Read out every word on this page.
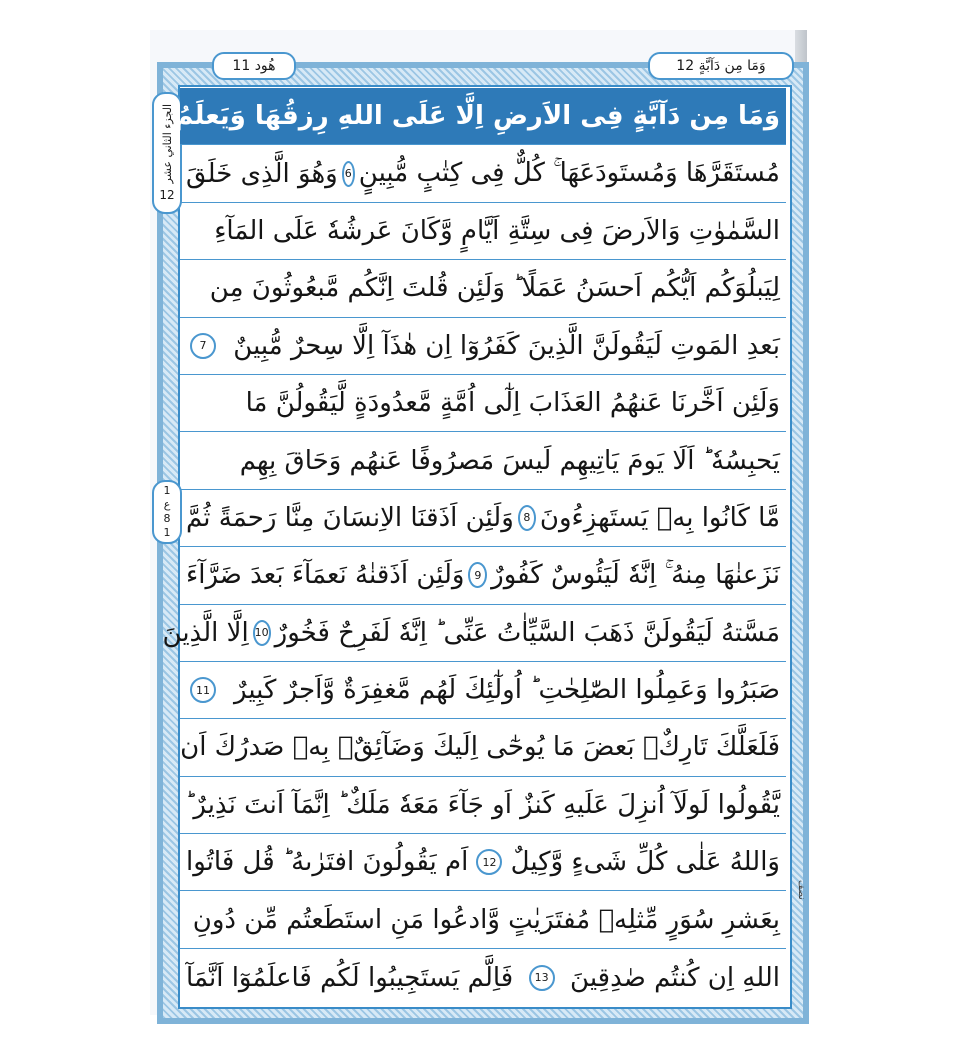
ھُود 11	وَمَا مِن دَآبَّةٍ 12
الجزء الثاني عشر
12
1
ع
8
1
نصف
وَمَا مِن دَآبَّةٍ فِى الاَرضِ اِلَّا عَلَى اللهِ رِزقُهَا وَيَعلَمُ
مُستَقَرَّهَا وَمُستَودَعَهَا ۚ كُلٌّ فِى كِتٰبٍ مُّبِينٍ
6
وَهُوَ الَّذِى خَلَقَ
السَّمٰوٰتِ وَالاَرضَ فِى سِتَّةِ اَيَّامٍ وَّكَانَ عَرشُهٗ عَلَى المَآءِ
لِيَبلُوَكُم اَيُّكُم اَحسَنُ عَمَلًا ؕ وَلَئِن قُلتَ اِنَّكُم مَّبعُوثُونَ مِن
بَعدِ المَوتِ لَيَقُولَنَّ الَّذِينَ كَفَرُوٓا اِن هٰذَآ اِلَّا سِحرٌ مُّبِينٌ
7
وَلَئِن اَخَّرنَا عَنهُمُ العَذَابَ اِلٰٓى اُمَّةٍ مَّعدُودَةٍ لَّيَقُولُنَّ مَا
يَحبِسُهٗ ؕ اَلَا يَومَ يَاتِيهِم لَيسَ مَصرُوفًا عَنهُم وَحَاقَ بِهِم
مَّا كَانُوا بِهٖ يَستَهزِءُونَ
8
وَلَئِن اَذَقنَا الاِنسَانَ مِنَّا رَحمَةً ثُمَّ
نَزَعنٰهَا مِنهُ ۚ اِنَّهٗ لَيَئُوسٌ كَفُورٌ
9
وَلَئِن اَذَقنٰهُ نَعمَآءَ بَعدَ ضَرَّآءَ
مَسَّتهُ لَيَقُولَنَّ ذَهَبَ السَّيِّاٰتُ عَنِّى ؕ اِنَّهٗ لَفَرِحٌ فَخُورٌ
10
اِلَّا الَّذِينَ
صَبَرُوا وَعَمِلُوا الصّٰلِحٰتِ ؕ اُولٰٓئِكَ لَهُم مَّغفِرَةٌ وَّاَجرٌ كَبِيرٌ
11
فَلَعَلَّكَ تَارِكٌۢ بَعضَ مَا يُوحٰٓى اِلَيكَ وَضَآئِقٌۢ بِهٖ صَدرُكَ اَن
يَّقُولُوا لَولَآ اُنزِلَ عَلَيهِ كَنزٌ اَو جَآءَ مَعَهٗ مَلَكٌ ؕ اِنَّمَآ اَنتَ نَذِيرٌ ؕ
وَاللهُ عَلٰى كُلِّ شَىءٍ وَّكِيلٌ
12
اَم يَقُولُونَ افتَرٰىهُ ؕ قُل فَاتُوا
بِعَشرِ سُوَرٍ مِّثلِهٖ مُفتَرَيٰتٍ وَّادعُوا مَنِ استَطَعتُم مِّن دُونِ
اللهِ اِن كُنتُم صٰدِقِينَ
13
فَاِلَّم يَستَجِيبُوا لَكُم فَاعلَمُوٓا اَنَّمَآ
